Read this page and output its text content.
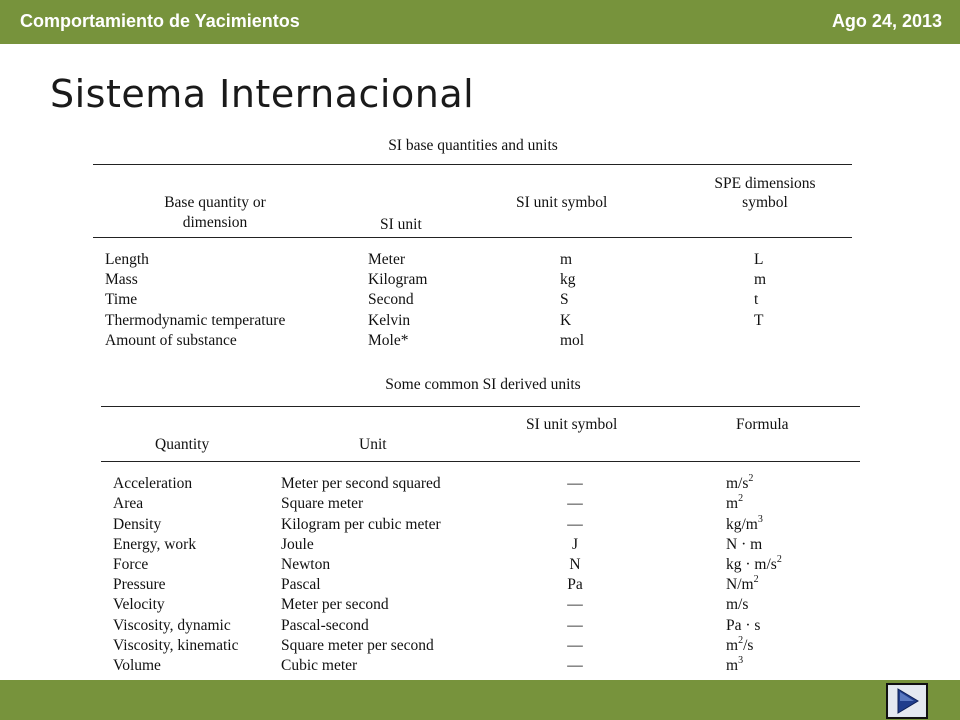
Comportamiento de Yacimientos	Ago 24, 2013
Sistema Internacional
SI base quantities and units
Base quantity or
dimension	SI unit
SI unit symbol
SPE dimensions
symbol
Length	Meter	m	L
Mass	Kilogram	kg	m
Time	Second	S	t
Thermodynamic temperature	Kelvin	K	T
Amount of substance	Mole*	mol
Some common SI derived units
SI unit symbol	Formula
Quantity	Unit
Acceleration	Meter per second squared	—	$m/s^2$
Area	Square meter	—	$m^2$
Density	Kilogram per cubic meter	—	$kg/m^3$
Energy, work	Joule	J	N · m
Force	Newton	N	kg · $m/s^2$
Pressure	Pascal	Pa	$N/m^2$
Velocity	Meter per second	—	m/s
Viscosity, dynamic	Pascal-second	—	Pa · s
Viscosity, kinematic	Square meter per second	—	$m^2/s$
Volume	Cubic meter	—	$m^3$
